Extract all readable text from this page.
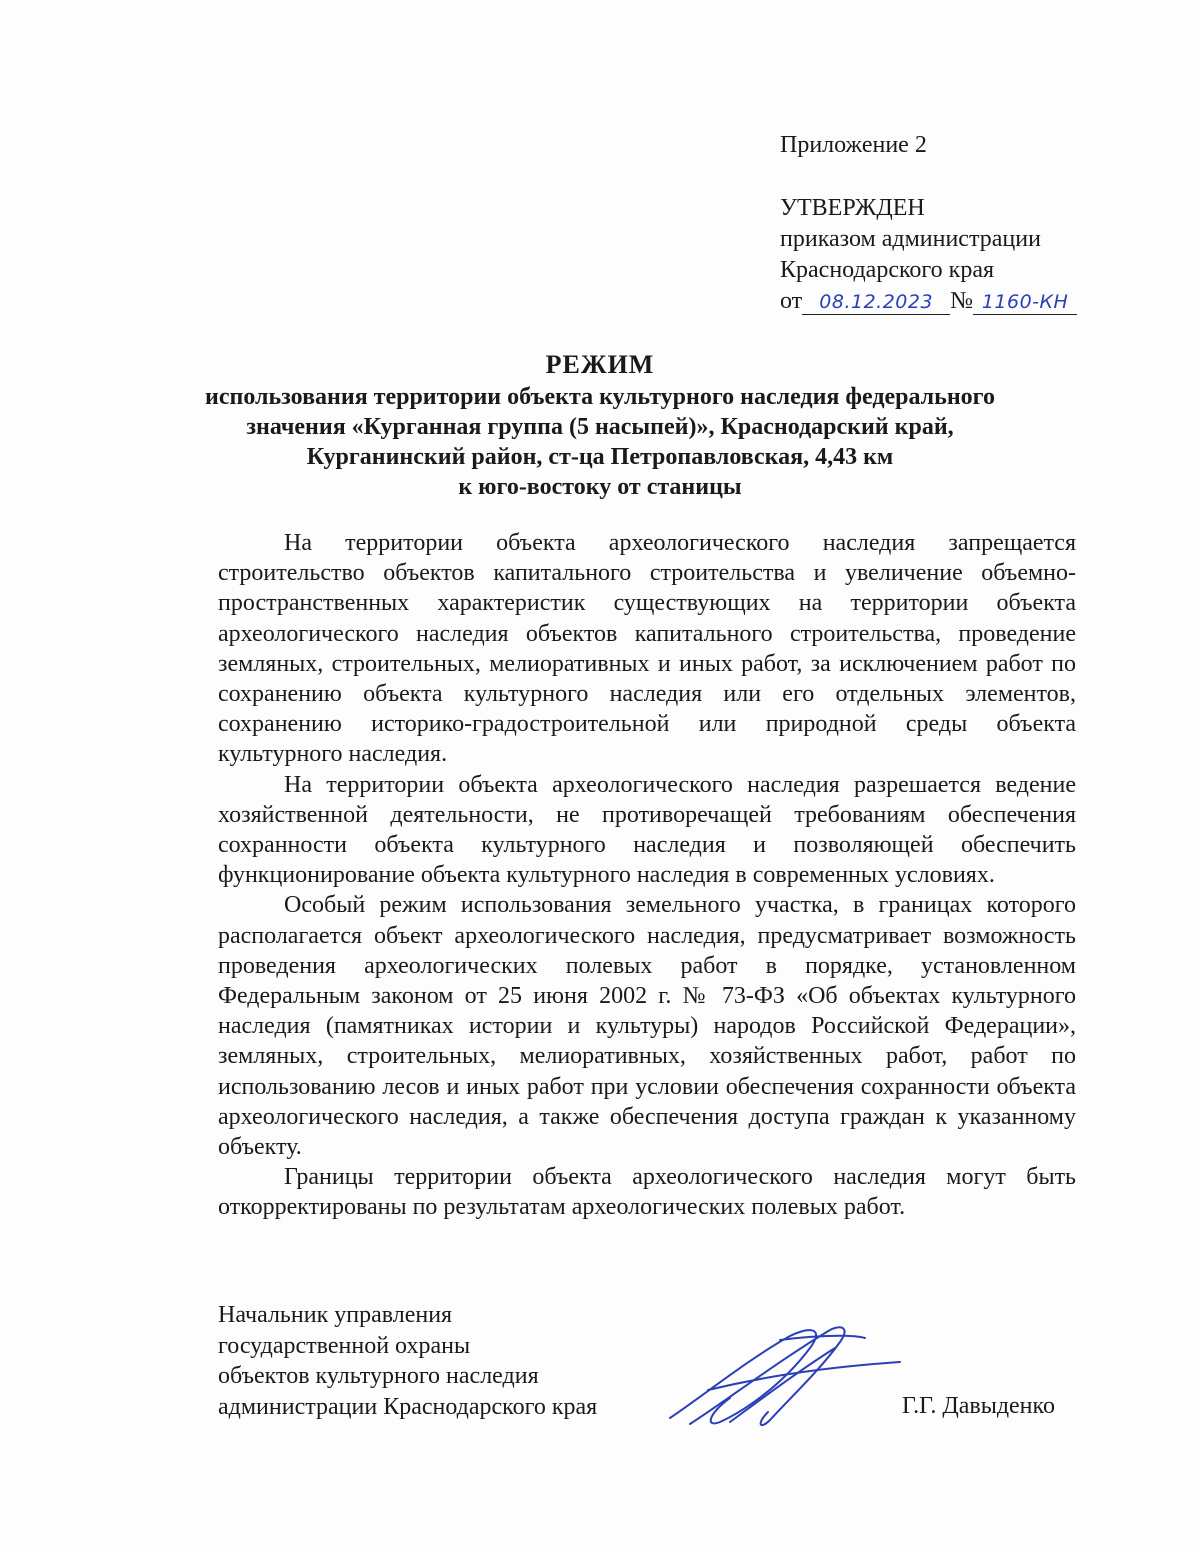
Приложение 2
УТВЕРЖДЕН
приказом администрации
Краснодарского края
от 08.12.2023 № 1160-КН
РЕЖИМ
использования территории объекта культурного наследия федерального
значения «Курганная группа (5 насыпей)», Краснодарский край,
Курганинский район, ст-ца Петропавловская, 4,43 км
к юго-востоку от станицы

На территории объекта археологического наследия запрещается строительство объектов капитального строительства и увеличение объемно-пространственных характеристик существующих на территории объекта археологического наследия объектов капитального строительства, проведение земляных, строительных, мелиоративных и иных работ, за исключением работ по сохранению объекта культурного наследия или его отдельных элементов, сохранению историко-градостроительной или природной среды объекта культурного наследия.

На территории объекта археологического наследия разрешается ведение хозяйственной деятельности, не противоречащей требованиям обеспечения сохранности объекта культурного наследия и позволяющей обеспечить функционирование объекта культурного наследия в современных условиях.

Особый режим использования земельного участка, в границах которого располагается объект археологического наследия, предусматривает возможность проведения археологических полевых работ в порядке, установленном Федеральным законом от 25 июня 2002 г. № 73-ФЗ «Об объектах культурного наследия (памятниках истории и культуры) народов Российской Федерации», земляных, строительных, мелиоративных, хозяйственных работ, работ по использованию лесов и иных работ при условии обеспечения сохранности объекта археологического наследия, а также обеспечения доступа граждан к указанному объекту.

Границы территории объекта археологического наследия могут быть откорректированы по результатам археологических полевых работ.

Начальник управления
государственной охраны
объектов культурного наследия
администрации Краснодарского края	Г.Г. Давыденко
